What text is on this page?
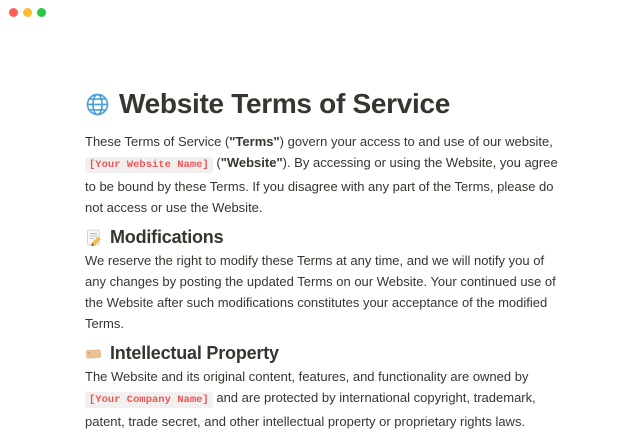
Website Terms of Service

These Terms of Service ("Terms") govern your access to and use of our website, [Your Website Name] ("Website"). By accessing or using the Website, you agree to be bound by these Terms. If you disagree with any part of the Terms, please do not access or use the Website.

Modifications

We reserve the right to modify these Terms at any time, and we will notify you of any changes by posting the updated Terms on our Website. Your continued use of the Website after such modifications constitutes your acceptance of the modified Terms.

Intellectual Property

The Website and its original content, features, and functionality are owned by [Your Company Name] and are protected by international copyright, trademark, patent, trade secret, and other intellectual property or proprietary rights laws.
